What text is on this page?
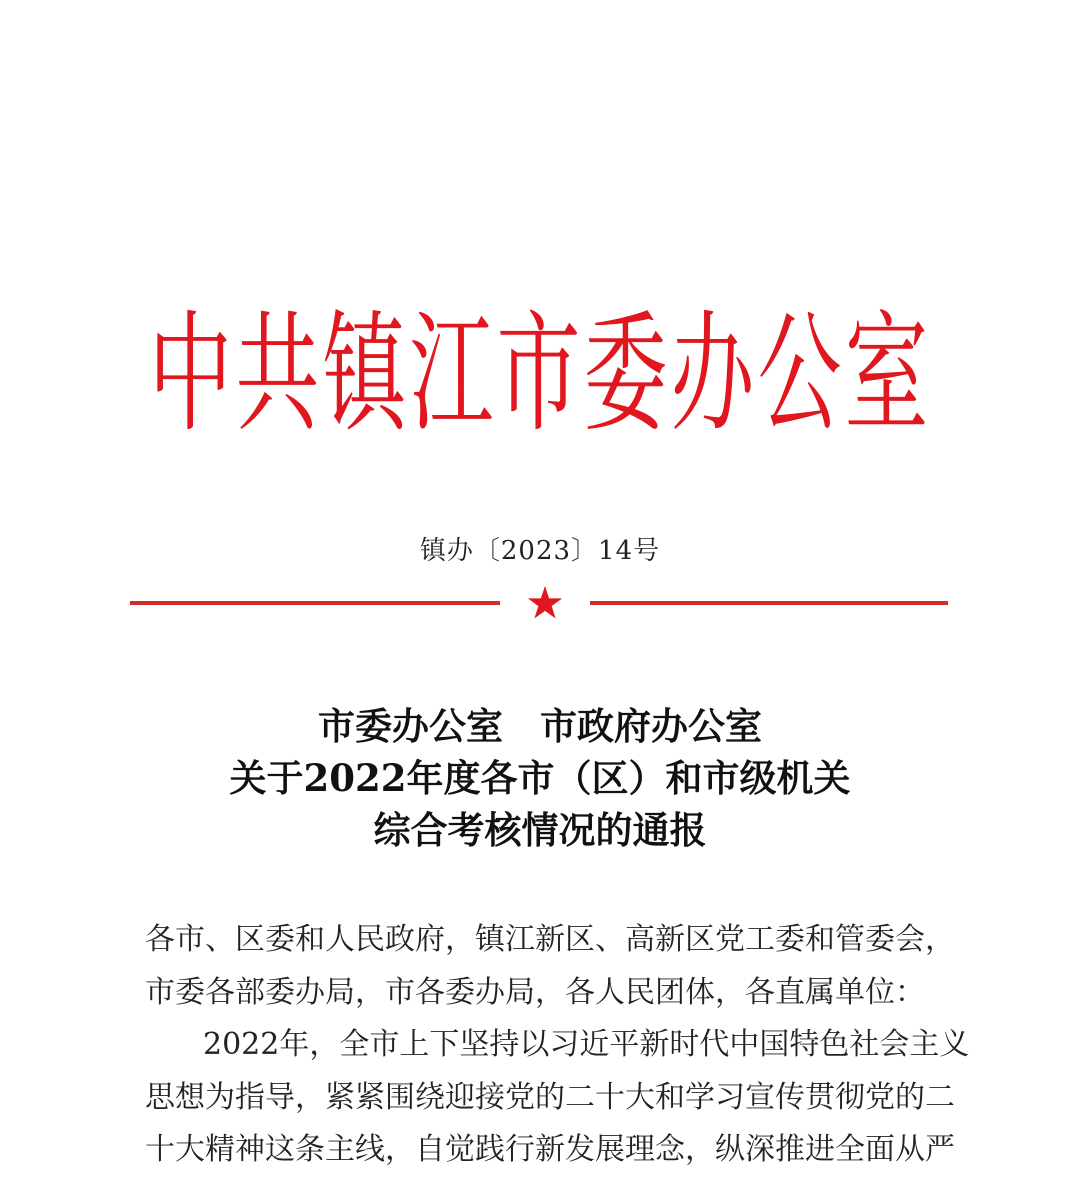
中共镇江市委办公室
镇办〔2023〕14号
市委办公室　市政府办公室
关于2022年度各市（区）和市级机关
综合考核情况的通报
各市、区委和人民政府，镇江新区、高新区党工委和管委会，
市委各部委办局，市各委办局，各人民团体，各直属单位：
2022年，全市上下坚持以习近平新时代中国特色社会主义
思想为指导，紧紧围绕迎接党的二十大和学习宣传贯彻党的二
十大精神这条主线，自觉践行新发展理念，纵深推进全面从严
